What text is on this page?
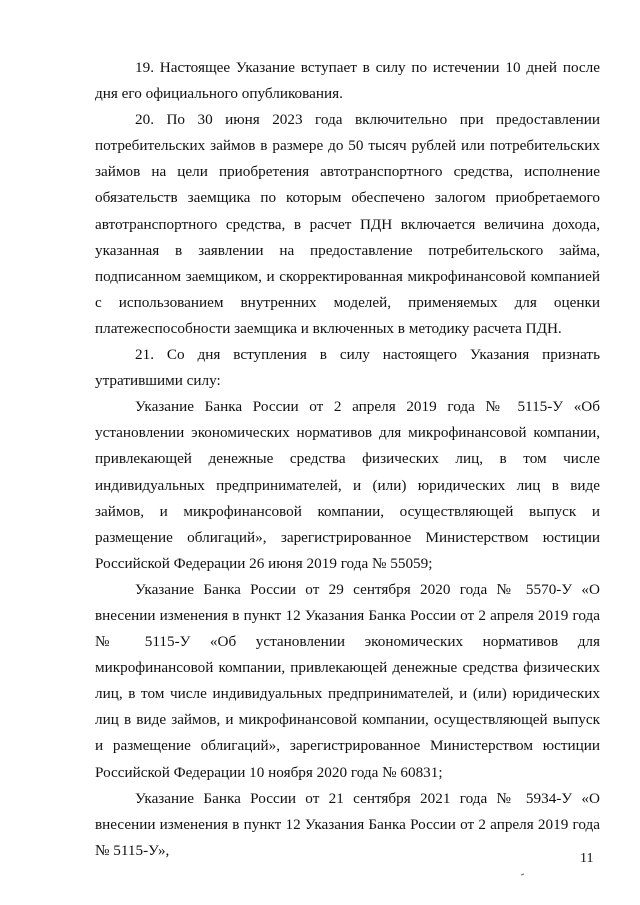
19. Настоящее Указание вступает в силу по истечении 10 дней после дня его официального опубликования.

20. По 30 июня 2023 года включительно при предоставлении потребительских займов в размере до 50 тысяч рублей или потребительских займов на цели приобретения автотранспортного средства, исполнение обязательств заемщика по которым обеспечено залогом приобретаемого автотранспортного средства, в расчет ПДН включается величина дохода, указанная в заявлении на предоставление потребительского займа, подписанном заемщиком, и скорректированная микрофинансовой компанией с использованием внутренних моделей, применяемых для оценки платежеспособности заемщика и включенных в методику расчета ПДН.

21. Со дня вступления в силу настоящего Указания признать утратившими силу:

Указание Банка России от 2 апреля 2019 года № 5115-У «Об установлении экономических нормативов для микрофинансовой компании, привлекающей денежные средства физических лиц, в том числе индивидуальных предпринимателей, и (или) юридических лиц в виде займов, и микрофинансовой компании, осуществляющей выпуск и размещение облигаций», зарегистрированное Министерством юстиции Российской Федерации 26 июня 2019 года № 55059;

Указание Банка России от 29 сентября 2020 года № 5570-У «О внесении изменения в пункт 12 Указания Банка России от 2 апреля 2019 года № 5115-У «Об установлении экономических нормативов для микрофинансовой компании, привлекающей денежные средства физических лиц, в том числе индивидуальных предпринимателей, и (или) юридических лиц в виде займов, и микрофинансовой компании, осуществляющей выпуск и размещение облигаций», зарегистрированное Министерством юстиции Российской Федерации 10 ноября 2020 года № 60831;

Указание Банка России от 21 сентября 2021 года № 5934-У «О внесении изменения в пункт 12 Указания Банка России от 2 апреля 2019 года № 5115-У»,	11
